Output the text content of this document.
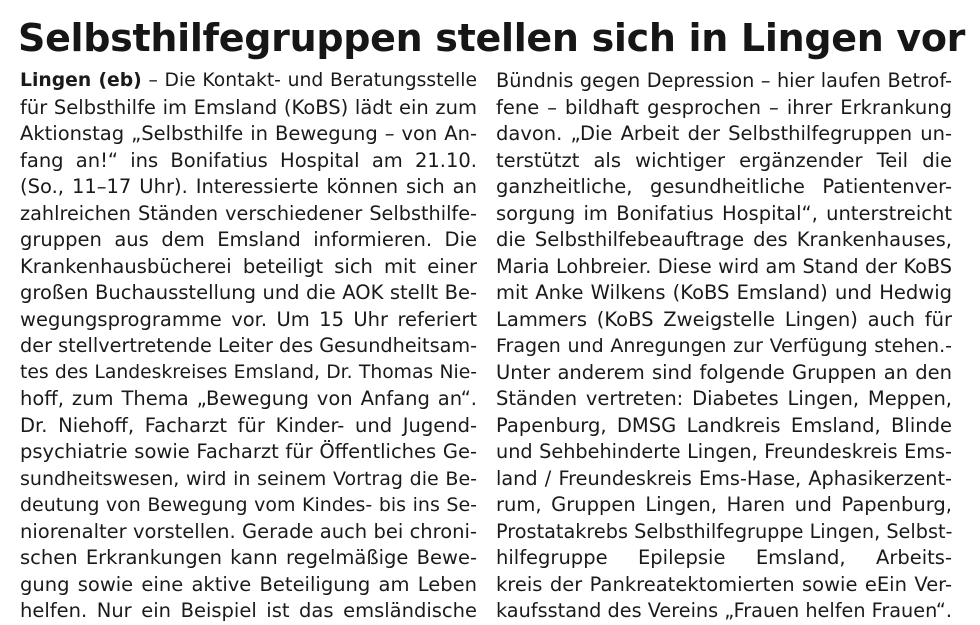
Selbsthilfegruppen stellen sich in Lingen vor
Lingen (eb) – Die Kontakt- und Beratungsstelle
für Selbsthilfe im Emsland (KoBS) lädt ein zum
Aktionstag „Selbsthilfe in Bewegung – von An-
fang an!“ ins Bonifatius Hospital am 21.10.
(So., 11–17 Uhr). Interessierte können sich an
zahlreichen Ständen verschiedener Selbsthilfe-
gruppen aus dem Emsland informieren. Die
Krankenhausbücherei beteiligt sich mit einer
großen Buchausstellung und die AOK stellt Be-
wegungsprogramme vor. Um 15 Uhr referiert
der stellvertretende Leiter des Gesundheitsam-
tes des Landeskreises Emsland, Dr. Thomas Nie-
hoff, zum Thema „Bewegung von Anfang an“.
Dr. Niehoff, Facharzt für Kinder- und Jugend-
psychiatrie sowie Facharzt für Öffentliches Ge-
sundheitswesen, wird in seinem Vortrag die Be-
deutung von Bewegung vom Kindes- bis ins Se-
niorenalter vorstellen. Gerade auch bei chroni-
schen Erkrankungen kann regelmäßige Bewe-
gung sowie eine aktive Beteiligung am Leben
helfen. Nur ein Beispiel ist das emsländische
Bündnis gegen Depression – hier laufen Betrof-
fene – bildhaft gesprochen – ihrer Erkrankung
davon. „Die Arbeit der Selbsthilfegruppen un-
terstützt als wichtiger ergänzender Teil die
ganzheitliche, gesundheitliche Patientenver-
sorgung im Bonifatius Hospital“, unterstreicht
die Selbsthilfebeauftrage des Krankenhauses,
Maria Lohbreier. Diese wird am Stand der KoBS
mit Anke Wilkens (KoBS Emsland) und Hedwig
Lammers (KoBS Zweigstelle Lingen) auch für
Fragen und Anregungen zur Verfügung stehen.-
Unter anderem sind folgende Gruppen an den
Ständen vertreten: Diabetes Lingen, Meppen,
Papenburg, DMSG Landkreis Emsland, Blinde
und Sehbehinderte Lingen, Freundeskreis Ems-
land / Freundeskreis Ems-Hase, Aphasikerzent-
rum, Gruppen Lingen, Haren und Papenburg,
Prostatakrebs Selbsthilfegruppe Lingen, Selbst-
hilfegruppe Epilepsie Emsland, Arbeits-
kreis der Pankreatektomierten sowie eEin Ver-
kaufsstand des Vereins „Frauen helfen Frauen“.
